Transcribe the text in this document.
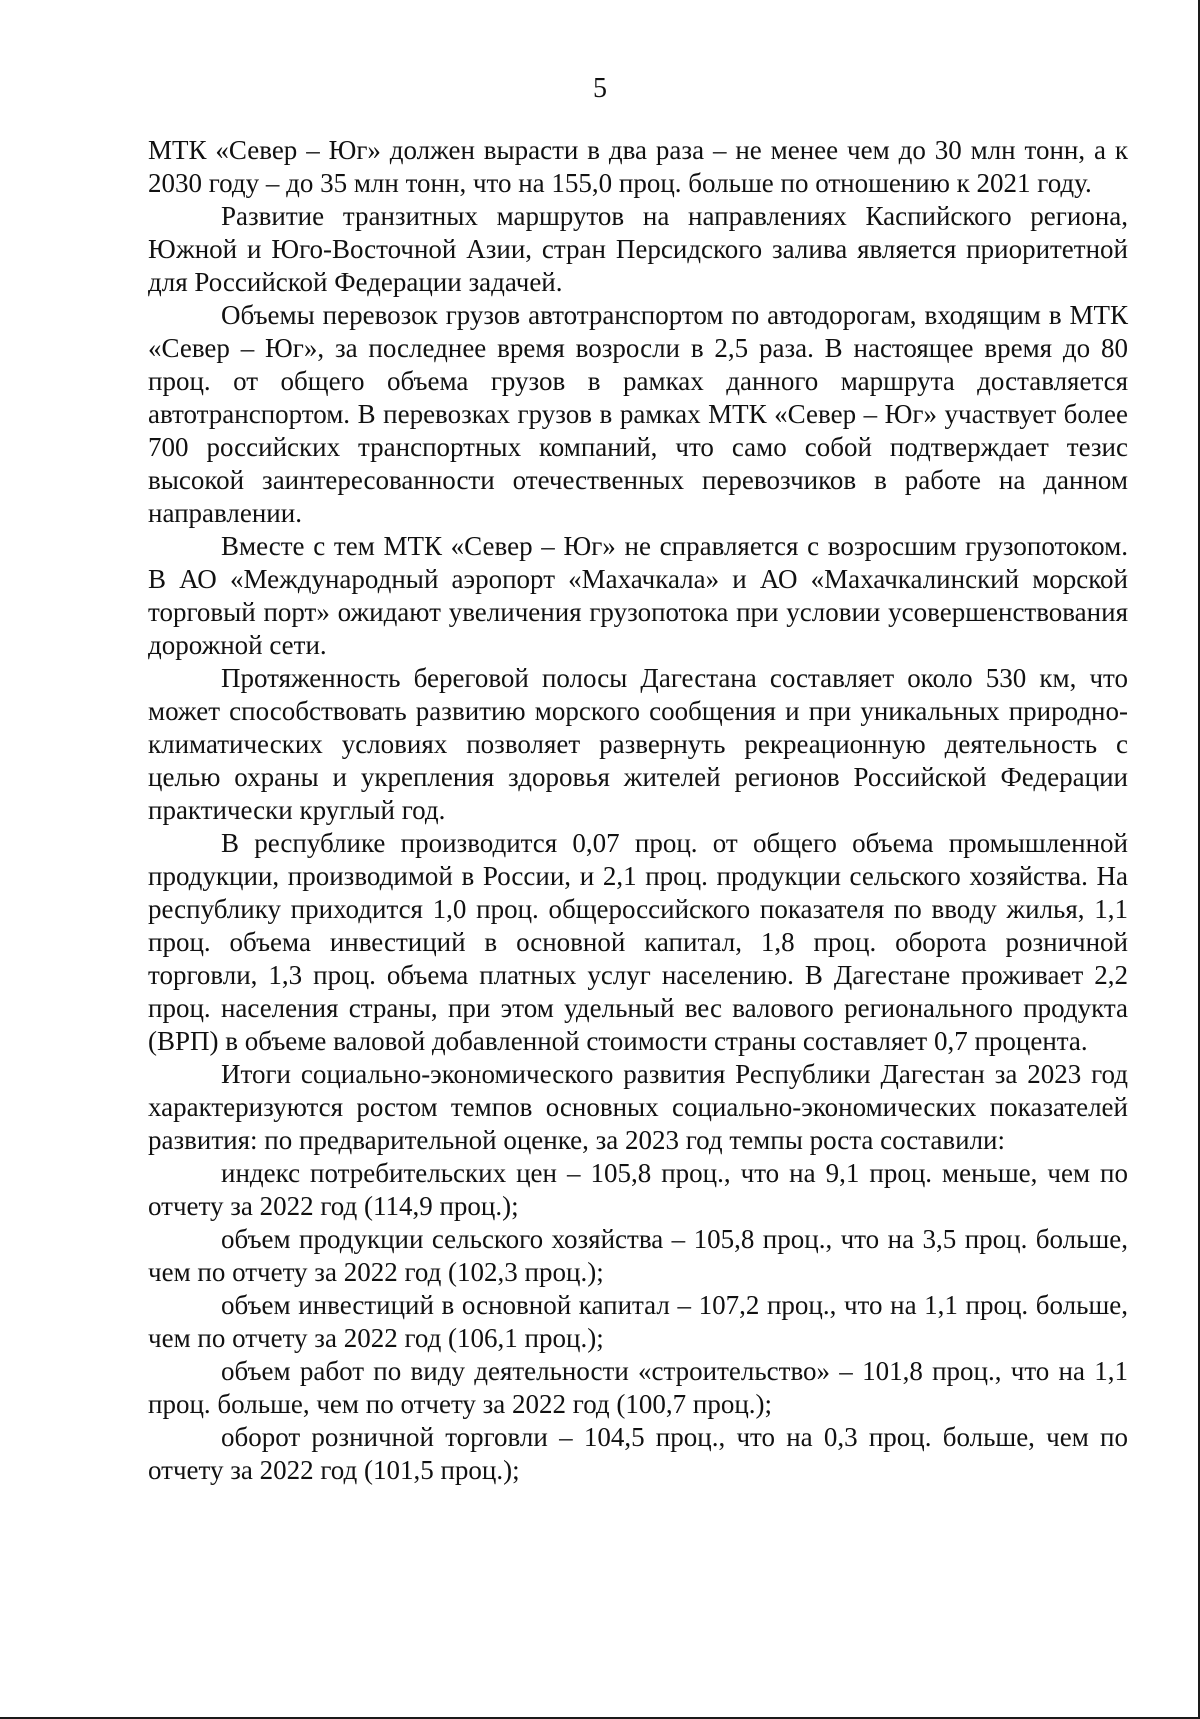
5

МТК «Север – Юг» должен вырасти в два раза – не менее чем до 30 млн тонн, а к 2030 году – до 35 млн тонн, что на 155,0 проц. больше по отношению к 2021 году.

Развитие транзитных маршрутов на направлениях Каспийского региона, Южной и Юго-Восточной Азии, стран Персидского залива является приоритетной для Российской Федерации задачей.

Объемы перевозок грузов автотранспортом по автодорогам, входящим в МТК «Север – Юг», за последнее время возросли в 2,5 раза. В настоящее время до 80 проц. от общего объема грузов в рамках данного маршрута доставляется автотранспортом. В перевозках грузов в рамках МТК «Север – Юг» участвует более 700 российских транспортных компаний, что само собой подтверждает тезис высокой заинтересованности отечественных перевозчиков в работе на данном направлении.

Вместе с тем МТК «Север – Юг» не справляется с возросшим грузопотоком. В АО «Международный аэропорт «Махачкала» и АО «Махачкалинский морской торговый порт» ожидают увеличения грузопотока при условии усовершенствования дорожной сети.

Протяженность береговой полосы Дагестана составляет около 530 км, что может способствовать развитию морского сообщения и при уникальных природно-климатических условиях позволяет развернуть рекреационную деятельность с целью охраны и укрепления здоровья жителей регионов Российской Федерации практически круглый год.

В республике производится 0,07 проц. от общего объема промышленной продукции, производимой в России, и 2,1 проц. продукции сельского хозяйства. На республику приходится 1,0 проц. общероссийского показателя по вводу жилья, 1,1 проц. объема инвестиций в основной капитал, 1,8 проц. оборота розничной торговли, 1,3 проц. объема платных услуг населению. В Дагестане проживает 2,2 проц. населения страны, при этом удельный вес валового регионального продукта (ВРП) в объеме валовой добавленной стоимости страны составляет 0,7 процента.

Итоги социально-экономического развития Республики Дагестан за 2023 год характеризуются ростом темпов основных социально-экономических показателей развития: по предварительной оценке, за 2023 год темпы роста составили:

индекс потребительских цен – 105,8 проц., что на 9,1 проц. меньше, чем по отчету за 2022 год (114,9 проц.);

объем продукции сельского хозяйства – 105,8 проц., что на 3,5 проц. больше, чем по отчету за 2022 год (102,3 проц.);

объем инвестиций в основной капитал – 107,2 проц., что на 1,1 проц. больше, чем по отчету за 2022 год (106,1 проц.);

объем работ по виду деятельности «строительство» – 101,8 проц., что на 1,1 проц. больше, чем по отчету за 2022 год (100,7 проц.);

оборот розничной торговли – 104,5 проц., что на 0,3 проц. больше, чем по отчету за 2022 год (101,5 проц.);
